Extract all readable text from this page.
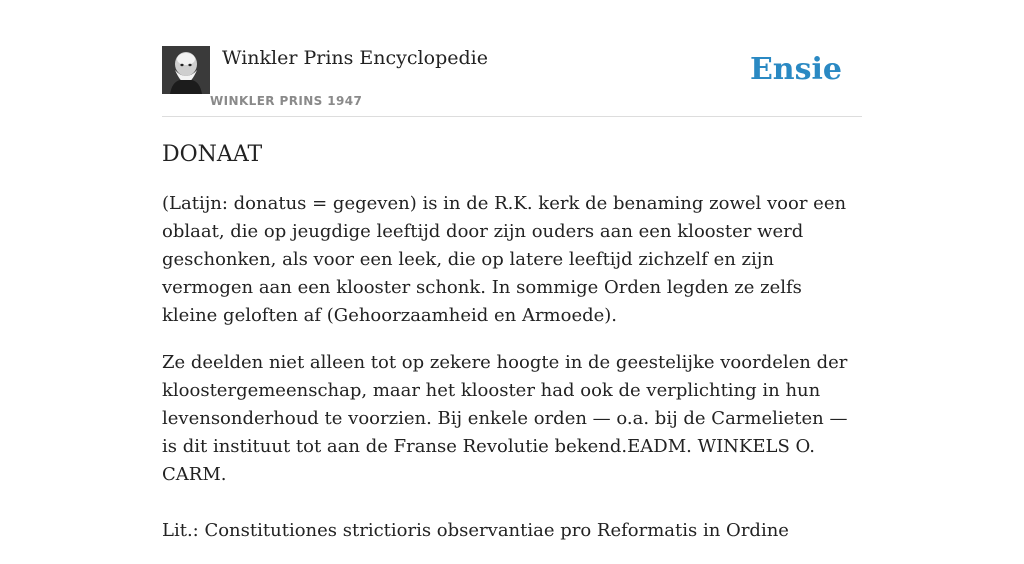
Winkler Prins Encyclopedie
WINKLER PRINS 1947
Ensie
DONAAT

(Latijn: donatus = gegeven) is in de R.K. kerk de benaming zowel voor een oblaat, die op jeugdige leeftijd door zijn ouders aan een klooster werd geschonken, als voor een leek, die op latere leeftijd zichzelf en zijn vermogen aan een klooster schonk. In sommige Orden legden ze zelfs kleine geloften af (Gehoorzaamheid en Armoede).

Ze deelden niet alleen tot op zekere hoogte in de geestelijke voordelen der kloostergemeenschap, maar het klooster had ook de verplichting in hun levensonderhoud te voorzien. Bij enkele orden — o.a. bij de Carmelieten — is dit instituut tot aan de Franse Revolutie bekend.EADM. WINKELS O. CARM.

Lit.: Constitutiones strictioris observantiae pro Reformatis in Ordine
